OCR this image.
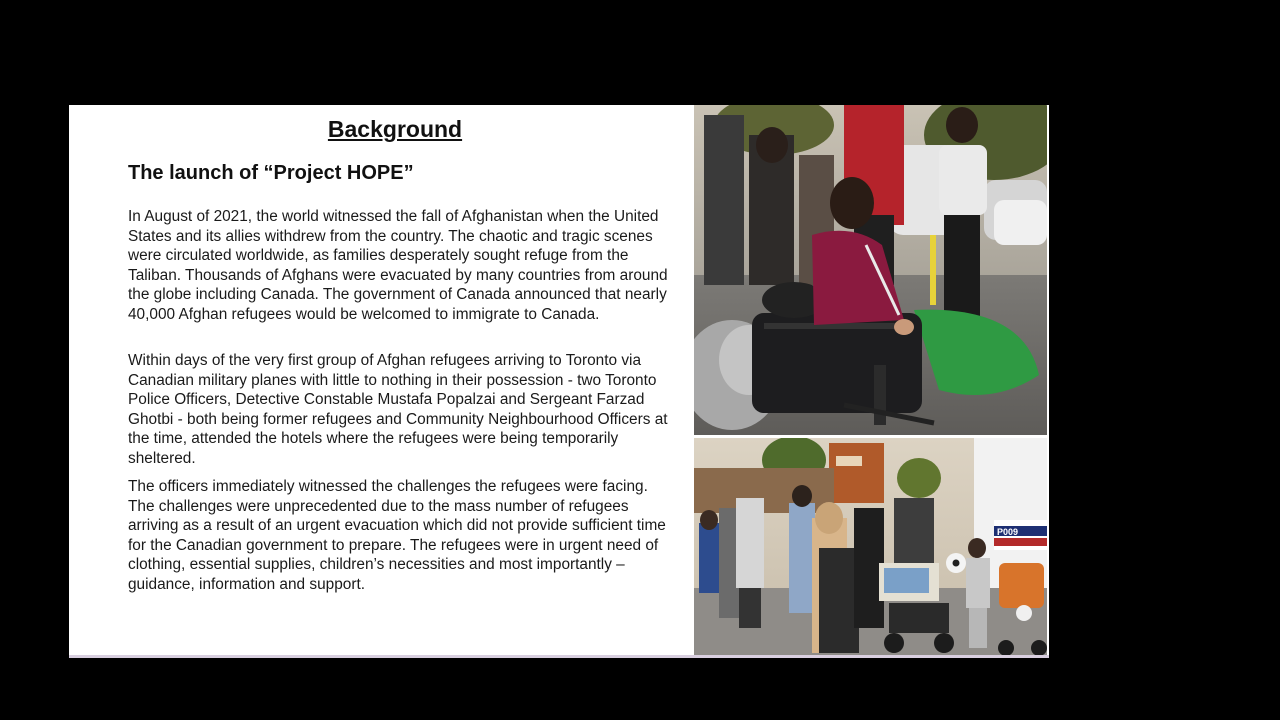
Background
The launch of “Project HOPE”

In August of 2021, the world witnessed the fall of Afghanistan when the United States and its allies withdrew from the country. The chaotic and tragic scenes were circulated worldwide, as families desperately sought refuge from the Taliban. Thousands of Afghans were evacuated by many countries from around the globe including Canada. The government of Canada announced that nearly 40,000 Afghan refugees would be welcomed to immigrate to Canada.

Within days of the very first group of Afghan refugees arriving to Toronto via Canadian military planes with little to nothing in their possession - two Toronto Police Officers, Detective Constable Mustafa Popalzai and Sergeant Farzad Ghotbi - both being former refugees and Community Neighbourhood Officers at the time, attended the hotels where the refugees were being temporarily sheltered.

The officers immediately witnessed the challenges the refugees were facing. The challenges were unprecedented due to the mass number of refugees arriving as a result of an urgent evacuation which did not provide sufficient time for the Canadian government to prepare. The refugees were in urgent need of clothing, essential supplies, children’s necessities and most importantly – guidance, information and support.

P009
